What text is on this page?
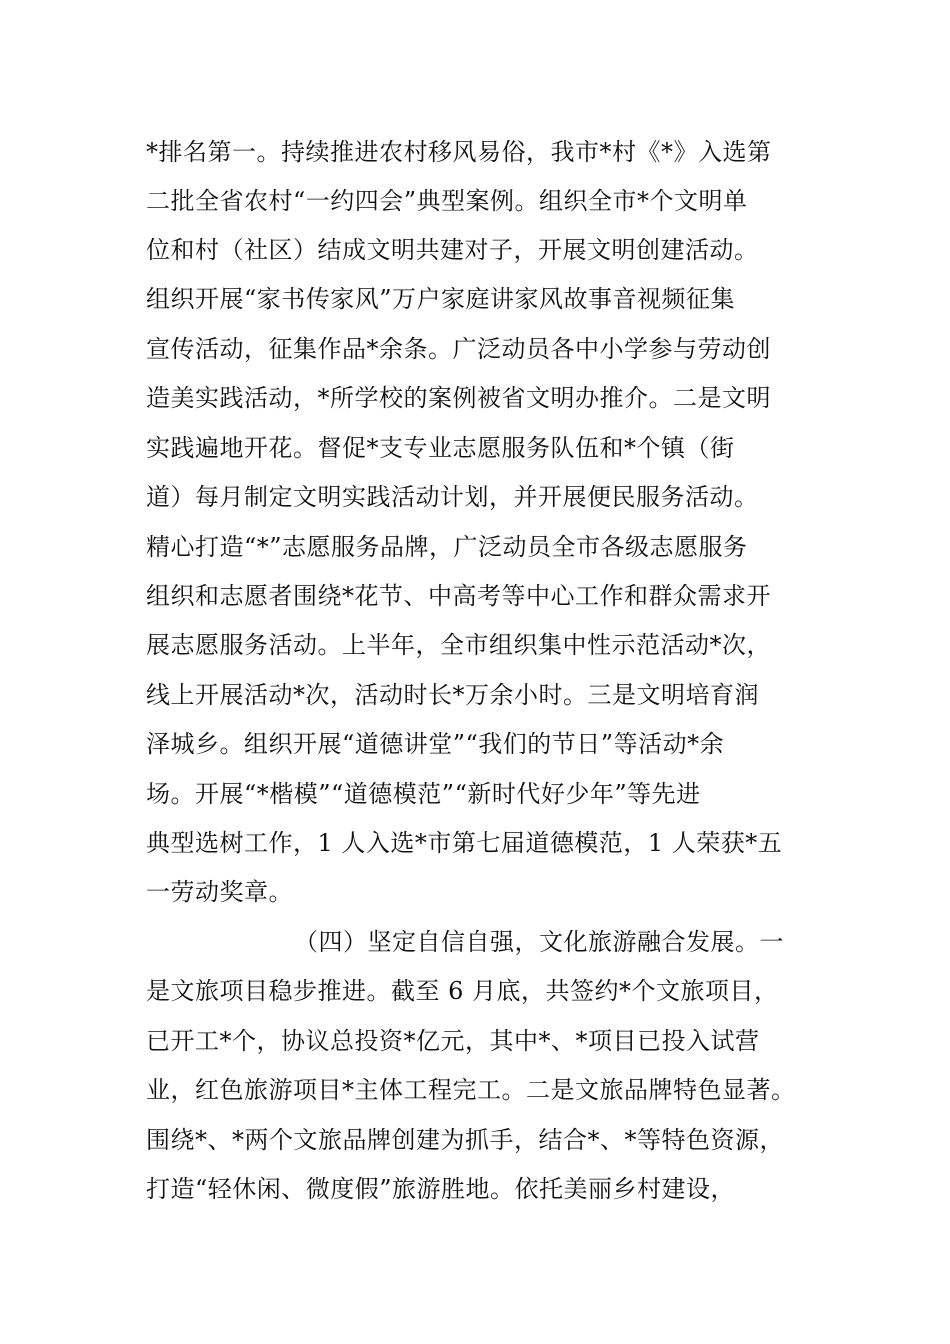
*排名第一。持续推进农村移风易俗，我市*村《*》入选第
二批全省农村“一约四会”典型案例。组织全市*个文明单
位和村（社区）结成文明共建对子，开展文明创建活动。
组织开展“家书传家风”万户家庭讲家风故事音视频征集
宣传活动，征集作品*余条。广泛动员各中小学参与劳动创
造美实践活动，*所学校的案例被省文明办推介。二是文明
实践遍地开花。督促*支专业志愿服务队伍和*个镇（街
道）每月制定文明实践活动计划，并开展便民服务活动。
精心打造“*”志愿服务品牌，广泛动员全市各级志愿服务
组织和志愿者围绕*花节、中高考等中心工作和群众需求开
展志愿服务活动。上半年，全市组织集中性示范活动*次，
线上开展活动*次，活动时长*万余小时。三是文明培育润
泽城乡。组织开展“道德讲堂”“我们的节日”等活动*余
场。开展“*楷模”“道德模范”“新时代好少年”等先进
典型选树工作，1 人入选*市第七届道德模范，1 人荣获*五
一劳动奖章。
（四）坚定自信自强，文化旅游融合发展。一
是文旅项目稳步推进。截至 6 月底，共签约*个文旅项目，
已开工*个，协议总投资*亿元，其中*、*项目已投入试营
业，红色旅游项目*主体工程完工。二是文旅品牌特色显著。
围绕*、*两个文旅品牌创建为抓手，结合*、*等特色资源，
打造“轻休闲、微度假”旅游胜地。依托美丽乡村建设，
